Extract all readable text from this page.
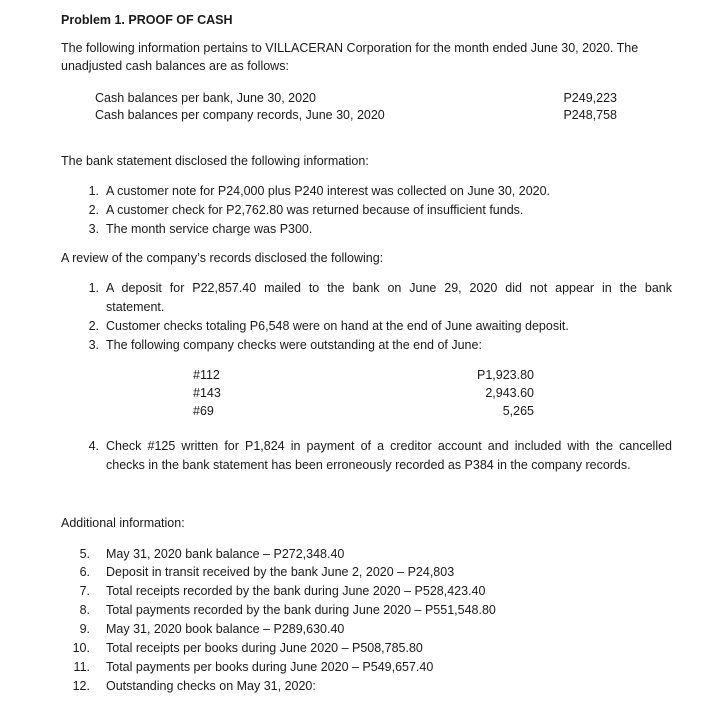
Problem 1. PROOF OF CASH
The following information pertains to VILLACERAN Corporation for the month ended June 30, 2020. The
unadjusted cash balances are as follows:
Cash balances per bank, June 30, 2020	P249,223
Cash balances per company records, June 30, 2020	P248,758
The bank statement disclosed the following information:
1. A customer note for P24,000 plus P240 interest was collected on June 30, 2020.
2. A customer check for P2,762.80 was returned because of insufficient funds.
3. The month service charge was P300.
A review of the company’s records disclosed the following:
1. A deposit for P22,857.40 mailed to the bank on June 29, 2020 did not appear in the bank
statement.
2. Customer checks totaling P6,548 were on hand at the end of June awaiting deposit.
3. The following company checks were outstanding at the end of June:
#112	P1,923.80
#143	2,943.60
#69	5,265
4. Check #125 written for P1,824 in payment of a creditor account and included with the cancelled
checks in the bank statement has been erroneously recorded as P384 in the company records.
Additional information:
5. May 31, 2020 bank balance – P272,348.40
6. Deposit in transit received by the bank June 2, 2020 – P24,803
7. Total receipts recorded by the bank during June 2020 – P528,423.40
8. Total payments recorded by the bank during June 2020 – P551,548.80
9. May 31, 2020 book balance – P289,630.40
10. Total receipts per books during June 2020 – P508,785.80
11. Total payments per books during June 2020 – P549,657.40
12. Outstanding checks on May 31, 2020:
